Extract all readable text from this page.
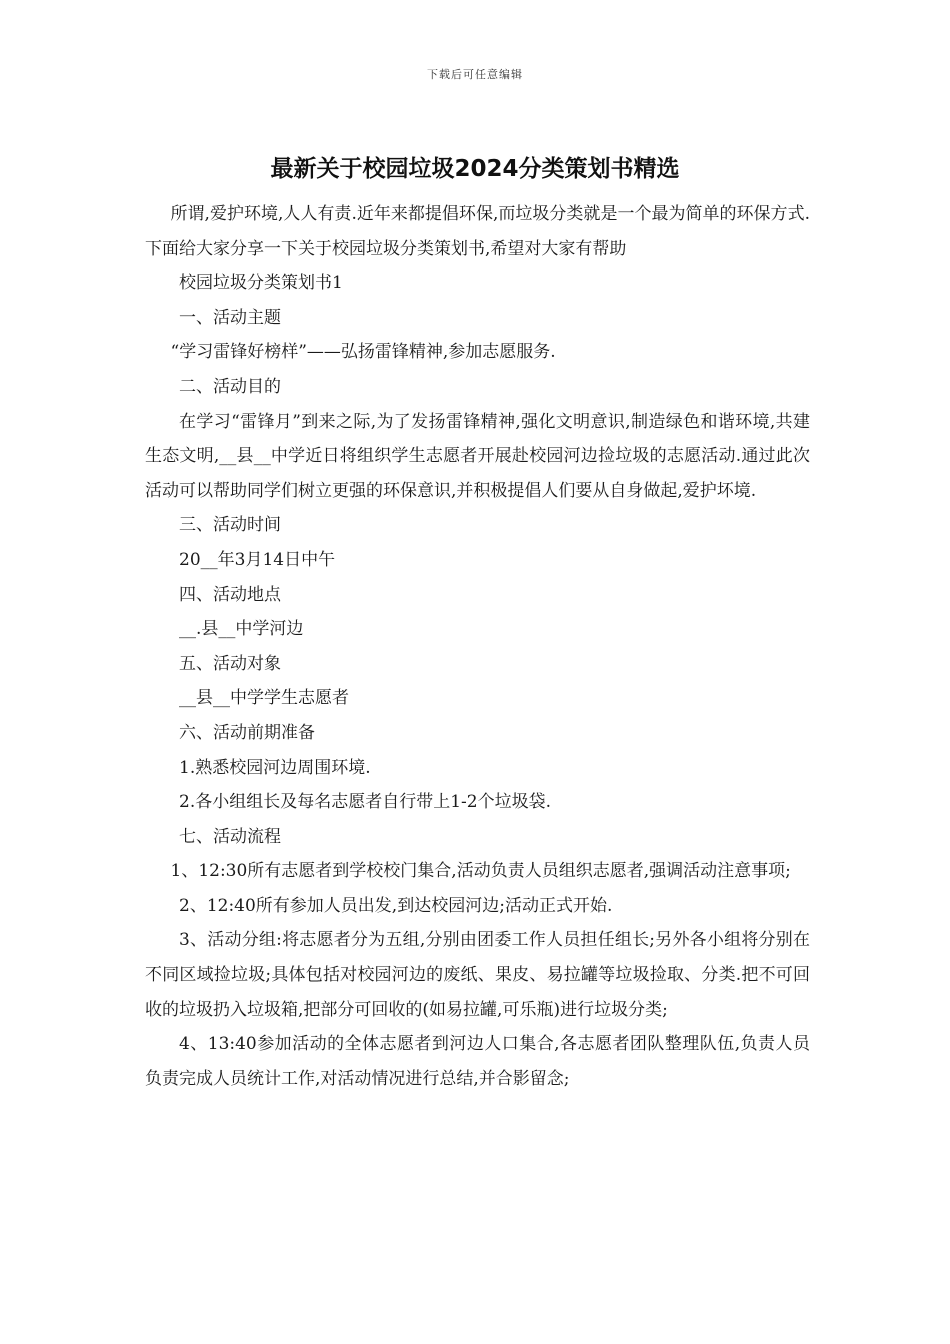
下载后可任意编辑
最新关于校园垃圾2024分类策划书精选

所谓,爱护环境,人人有责.近年来都提倡环保,而垃圾分类就是一个最为简单的环保方式.下面给大家分享一下关于校园垃圾分类策划书,希望对大家有帮助

校园垃圾分类策划书1

一、活动主题

“学习雷锋好榜样”——弘扬雷锋精神,参加志愿服务.

二、活动目的

在学习“雷锋月”到来之际,为了发扬雷锋精神,强化文明意识,制造绿色和谐环境,共建生态文明,__县__中学近日将组织学生志愿者开展赴校园河边捡垃圾的志愿活动.通过此次活动可以帮助同学们树立更强的环保意识,并积极提倡人们要从自身做起,爱护坏境.

三、活动时间

20__年3月14日中午

四、活动地点

__.县__中学河边

五、活动对象

__县__中学学生志愿者

六、活动前期准备

1.熟悉校园河边周围环境.

2.各小组组长及每名志愿者自行带上1-2个垃圾袋.

七、活动流程

1、12:30所有志愿者到学校校门集合,活动负责人员组织志愿者,强调活动注意事项;

2、12:40所有参加人员出发,到达校园河边;活动正式开始.

3、活动分组:将志愿者分为五组,分别由团委工作人员担任组长;另外各小组将分别在不同区域捡垃圾;具体包括对校园河边的废纸、果皮、易拉罐等垃圾捡取、分类.把不可回收的垃圾扔入垃圾箱,把部分可回收的(如易拉罐,可乐瓶)进行垃圾分类;

4、13:40参加活动的全体志愿者到河边人口集合,各志愿者团队整理队伍,负责人员负责完成人员统计工作,对活动情况进行总结,并合影留念;
